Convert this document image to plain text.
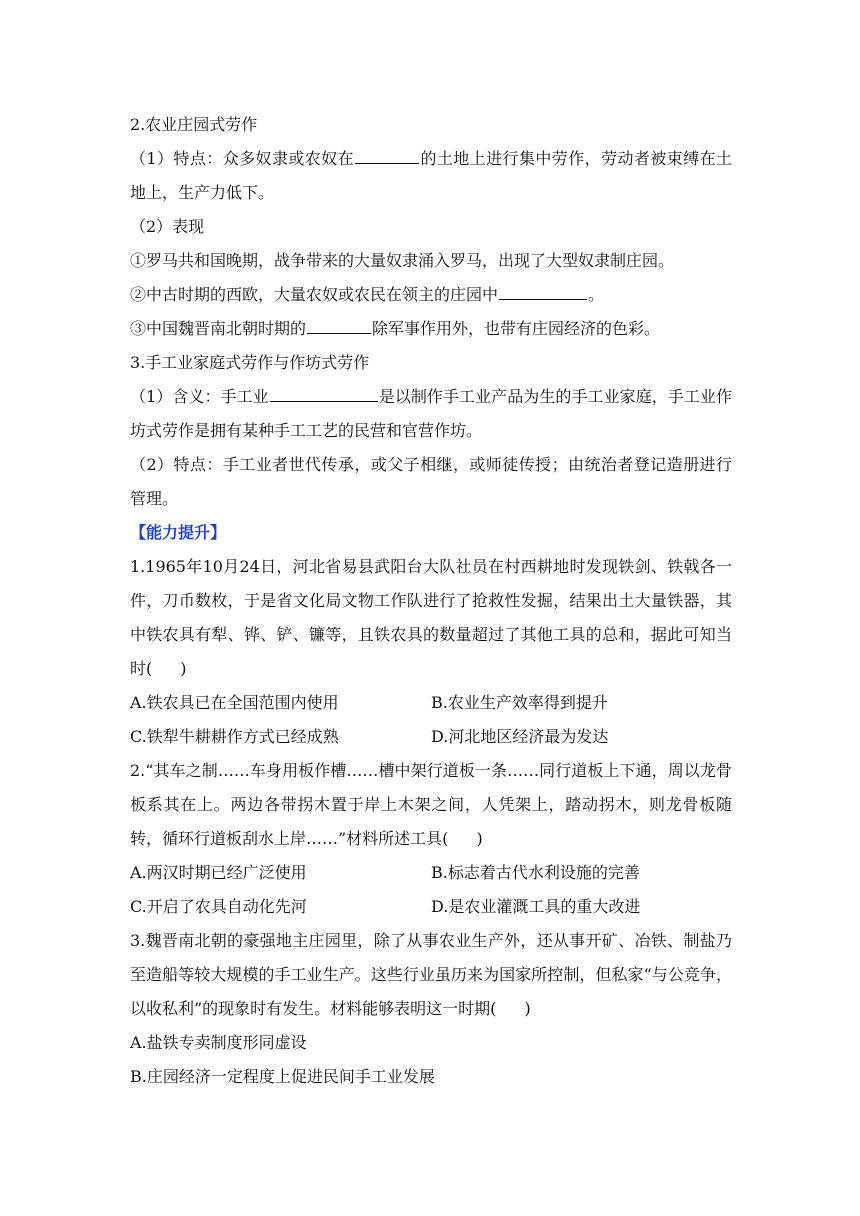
2.农业庄园式劳作

（1）特点：众多奴隶或农奴在	的土地上进行集中劳作，劳动者被束缚在土地上，生产力低下。

（2）表现

①罗马共和国晚期，战争带来的大量奴隶涌入罗马，出现了大型奴隶制庄园。

②中古时期的西欧，大量农奴或农民在领主的庄园中	。

③中国魏晋南北朝时期的	除军事作用外，也带有庄园经济的色彩。

3.手工业家庭式劳作与作坊式劳作

（1）含义：手工业	是以制作手工业产品为生的手工业家庭，手工业作坊式劳作是拥有某种手工工艺的民营和官营作坊。

（2）特点：手工业者世代传承，或父子相继，或师徒传授；由统治者登记造册进行管理。

【能力提升】

1.1965年10月24日，河北省易县武阳台大队社员在村西耕地时发现铁剑、铁戟各一件，刀币数枚，于是省文化局文物工作队进行了抢救性发掘，结果出土大量铁器，其中铁农具有犁、铧、铲、镰等，且铁农具的数量超过了其他工具的总和，据此可知当时( )

A.铁农具已在全国范围内使用	B.农业生产效率得到提升
C.铁犁牛耕耕作方式已经成熟	D.河北地区经济最为发达

2.“其车之制……车身用板作槽……槽中架行道板一条……同行道板上下通，周以龙骨板系其在上。两边各带拐木置于岸上木架之间，人凭架上，踏动拐木，则龙骨板随转，循环行道板刮水上岸……”材料所述工具( )

A.两汉时期已经广泛使用	B.标志着古代水利设施的完善
C.开启了农具自动化先河	D.是农业灌溉工具的重大改进

3.魏晋南北朝的豪强地主庄园里，除了从事农业生产外，还从事开矿、冶铁、制盐乃至造船等较大规模的手工业生产。这些行业虽历来为国家所控制，但私家“与公竞争，以收私利”的现象时有发生。材料能够表明这一时期( )

A.盐铁专卖制度形同虚设

B.庄园经济一定程度上促进民间手工业发展
